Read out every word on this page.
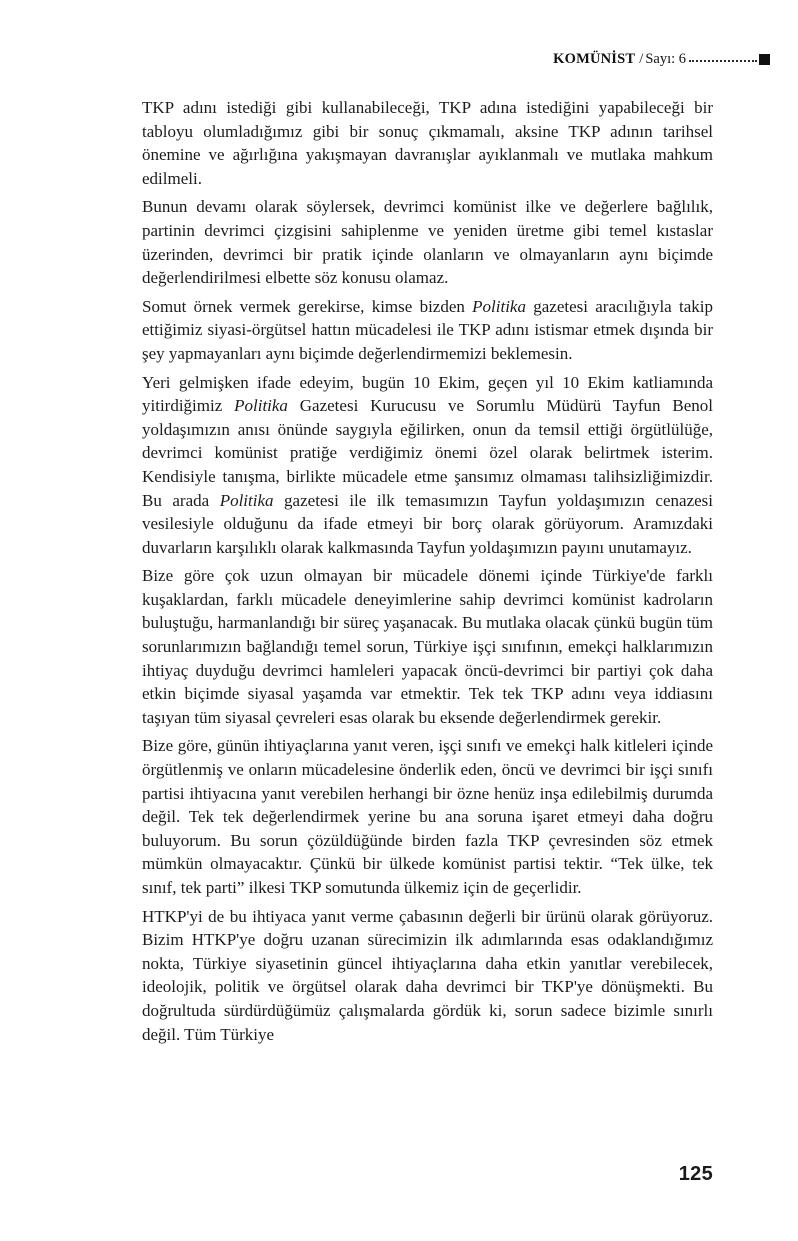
KOMÜNİST / Sayı: 6

TKP adını istediği gibi kullanabileceği, TKP adına istediğini yapabileceği bir tabloyu olumladığımız gibi bir sonuç çıkmamalı, aksine TKP adının tarihsel önemine ve ağırlığına yakışmayan davranışlar ayıklanmalı ve mutlaka mahkum edilmeli.

Bunun devamı olarak söylersek, devrimci komünist ilke ve değerlere bağlılık, partinin devrimci çizgisini sahiplenme ve yeniden üretme gibi temel kıstaslar üzerinden, devrimci bir pratik içinde olanların ve olmayanların aynı biçimde değerlendirilmesi elbette söz konusu olamaz.

Somut örnek vermek gerekirse, kimse bizden Politika gazetesi aracılığıyla takip ettiğimiz siyasi-örgütsel hattın mücadelesi ile TKP adını istismar etmek dışında bir şey yapmayanları aynı biçimde değerlendirmemizi beklemesin.

Yeri gelmişken ifade edeyim, bugün 10 Ekim, geçen yıl 10 Ekim katliamında yitirdiğimiz Politika Gazetesi Kurucusu ve Sorumlu Müdürü Tayfun Benol yoldaşımızın anısı önünde saygıyla eğilirken, onun da temsil ettiği örgütlülüğe, devrimci komünist pratiğe verdiğimiz önemi özel olarak belirtmek isterim. Kendisiyle tanışma, birlikte mücadele etme şansımız olmaması talihsizliğimizdir. Bu arada Politika gazetesi ile ilk temasımızın Tayfun yoldaşımızın cenazesi vesilesiyle olduğunu da ifade etmeyi bir borç olarak görüyorum. Aramızdaki duvarların karşılıklı olarak kalkmasında Tayfun yoldaşımızın payını unutamayız.

Bize göre çok uzun olmayan bir mücadele dönemi içinde Türkiye'de farklı kuşaklardan, farklı mücadele deneyimlerine sahip devrimci komünist kadroların buluştuğu, harmanlandığı bir süreç yaşanacak. Bu mutlaka olacak çünkü bugün tüm sorunlarımızın bağlandığı temel sorun, Türkiye işçi sınıfının, emekçi halklarımızın ihtiyaç duyduğu devrimci hamleleri yapacak öncü-devrimci bir partiyi çok daha etkin biçimde siyasal yaşamda var etmektir. Tek tek TKP adını veya iddiasını taşıyan tüm siyasal çevreleri esas olarak bu eksende değerlendirmek gerekir.

Bize göre, günün ihtiyaçlarına yanıt veren, işçi sınıfı ve emekçi halk kitleleri içinde örgütlenmiş ve onların mücadelesine önderlik eden, öncü ve devrimci bir işçi sınıfı partisi ihtiyacına yanıt verebilen herhangi bir özne henüz inşa edilebilmiş durumda değil. Tek tek değerlendirmek yerine bu ana soruna işaret etmeyi daha doğru buluyorum. Bu sorun çözüldüğünde birden fazla TKP çevresinden söz etmek mümkün olmayacaktır. Çünkü bir ülkede komünist partisi tektir. “Tek ülke, tek sınıf, tek parti” ilkesi TKP somutunda ülkemiz için de geçerlidir.

HTKP'yi de bu ihtiyaca yanıt verme çabasının değerli bir ürünü olarak görüyoruz. Bizim HTKP'ye doğru uzanan sürecimizin ilk adımlarında esas odaklandığımız nokta, Türkiye siyasetinin güncel ihtiyaçlarına daha etkin yanıtlar verebilecek, ideolojik, politik ve örgütsel olarak daha devrimci bir TKP'ye dönüşmekti. Bu doğrultuda sürdürdüğümüz çalışmalarda gördük ki, sorun sadece bizimle sınırlı değil. Tüm Türkiye

125
